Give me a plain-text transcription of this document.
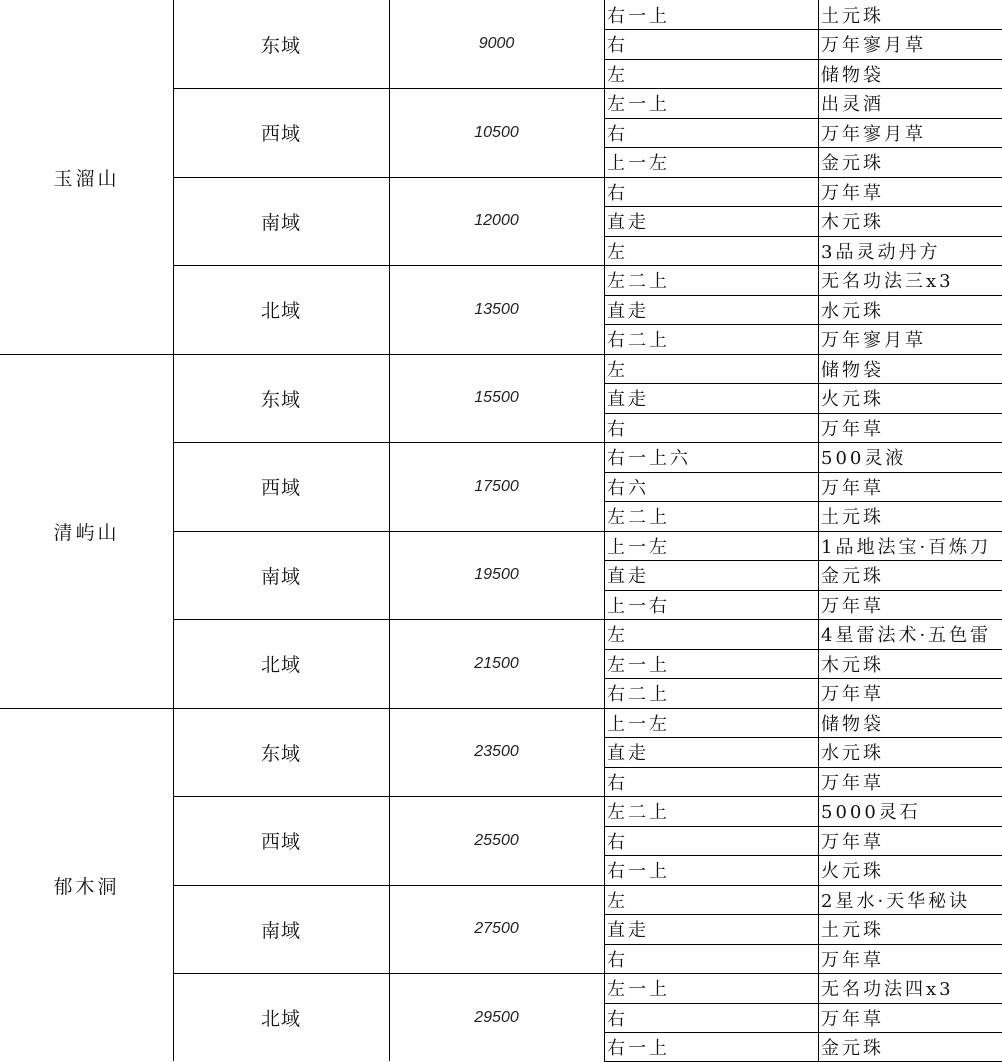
玉溜山
东域	9000
右一上	土元珠
右	万年寥月草
左	储物袋
西域	10500
左一上	出灵酒
右	万年寥月草
上一左	金元珠
南域	12000
右	万年草
直走	木元珠
左	3品灵动丹方
北域	13500
左二上	无名功法三x3
直走	水元珠
右二上	万年寥月草
清屿山
东域	15500
左	储物袋
直走	火元珠
右	万年草
西域	17500
右一上六	500灵液
右六	万年草
左二上	土元珠
南域	19500
上一左	1品地法宝·百炼刀
直走	金元珠
上一右	万年草
北域	21500
左	4星雷法术·五色雷
左一上	木元珠
右二上	万年草
郁木洞
东域	23500
上一左	储物袋
直走	水元珠
右	万年草
西域	25500
左二上	5000灵石
右	万年草
右一上	火元珠
南域	27500
左	2星水·天华秘诀
直走	土元珠
右	万年草
北域	29500
左一上	无名功法四x3
右	万年草
右一上	金元珠
